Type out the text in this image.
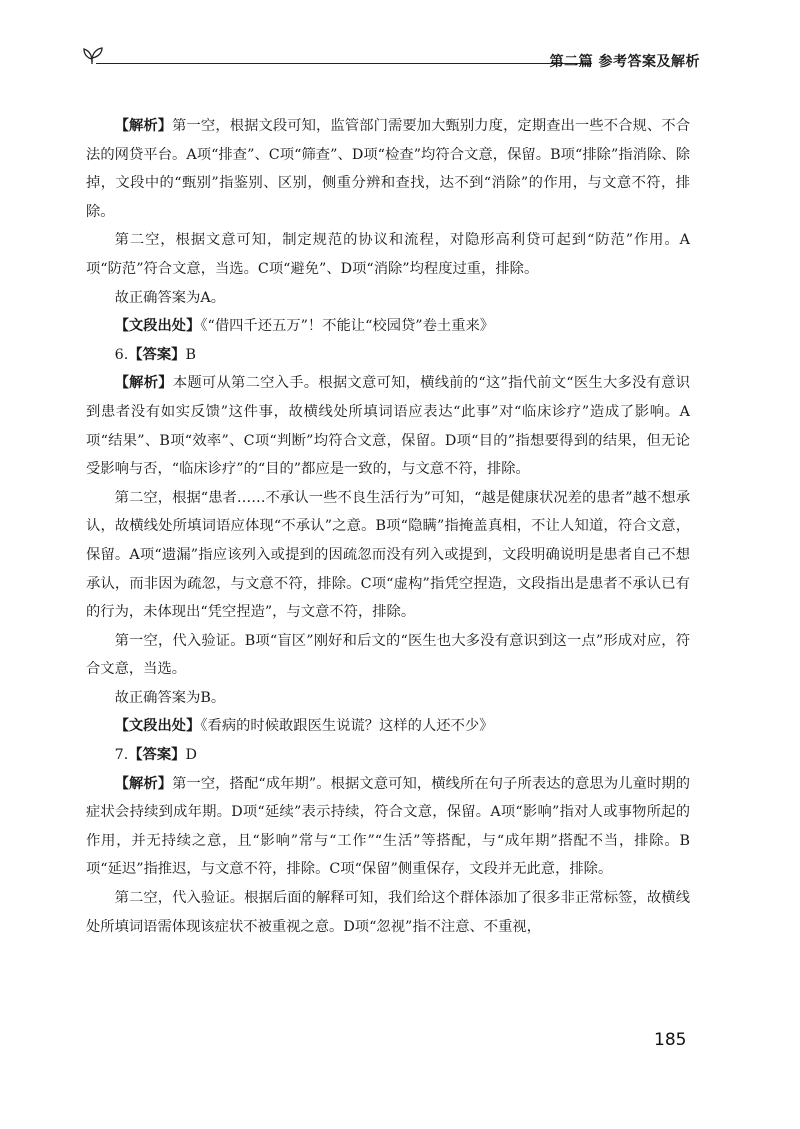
第二篇 参考答案及解析

【解析】第一空，根据文段可知，监管部门需要加大甄别力度，定期查出一些不合规、不合法的网贷平台。A项“排查”、C项“筛查”、D项“检查”均符合文意，保留。B项“排除”指消除、除掉，文段中的“甄别”指鉴别、区别，侧重分辨和查找，达不到“消除”的作用，与文意不符，排除。

第二空，根据文意可知，制定规范的协议和流程，对隐形高利贷可起到“防范”作用。A项“防范”符合文意，当选。C项“避免”、D项“消除”均程度过重，排除。

故正确答案为A。

【文段出处】《“借四千还五万”！不能让“校园贷”卷土重来》

6.【答案】B

【解析】本题可从第二空入手。根据文意可知，横线前的“这”指代前文“医生大多没有意识到患者没有如实反馈”这件事，故横线处所填词语应表达“此事”对“临床诊疗”造成了影响。A项“结果”、B项“效率”、C项“判断”均符合文意，保留。D项“目的”指想要得到的结果，但无论受影响与否，“临床诊疗”的“目的”都应是一致的，与文意不符，排除。

第二空，根据“患者……不承认一些不良生活行为”可知，“越是健康状况差的患者”越不想承认，故横线处所填词语应体现“不承认”之意。B项“隐瞒”指掩盖真相，不让人知道，符合文意，保留。A项“遗漏”指应该列入或提到的因疏忽而没有列入或提到，文段明确说明是患者自己不想承认，而非因为疏忽，与文意不符，排除。C项“虚构”指凭空捏造，文段指出是患者不承认已有的行为，未体现出“凭空捏造”，与文意不符，排除。

第一空，代入验证。B项“盲区”刚好和后文的“医生也大多没有意识到这一点”形成对应，符合文意，当选。

故正确答案为B。

【文段出处】《看病的时候敢跟医生说谎？这样的人还不少》

7.【答案】D

【解析】第一空，搭配“成年期”。根据文意可知，横线所在句子所表达的意思为儿童时期的症状会持续到成年期。D项“延续”表示持续，符合文意，保留。A项“影响”指对人或事物所起的作用，并无持续之意，且“影响”常与“工作”“生活”等搭配，与“成年期”搭配不当，排除。B项“延迟”指推迟，与文意不符，排除。C项“保留”侧重保存，文段并无此意，排除。

第二空，代入验证。根据后面的解释可知，我们给这个群体添加了很多非正常标签，故横线处所填词语需体现该症状不被重视之意。D项“忽视”指不注意、不重视，

185
